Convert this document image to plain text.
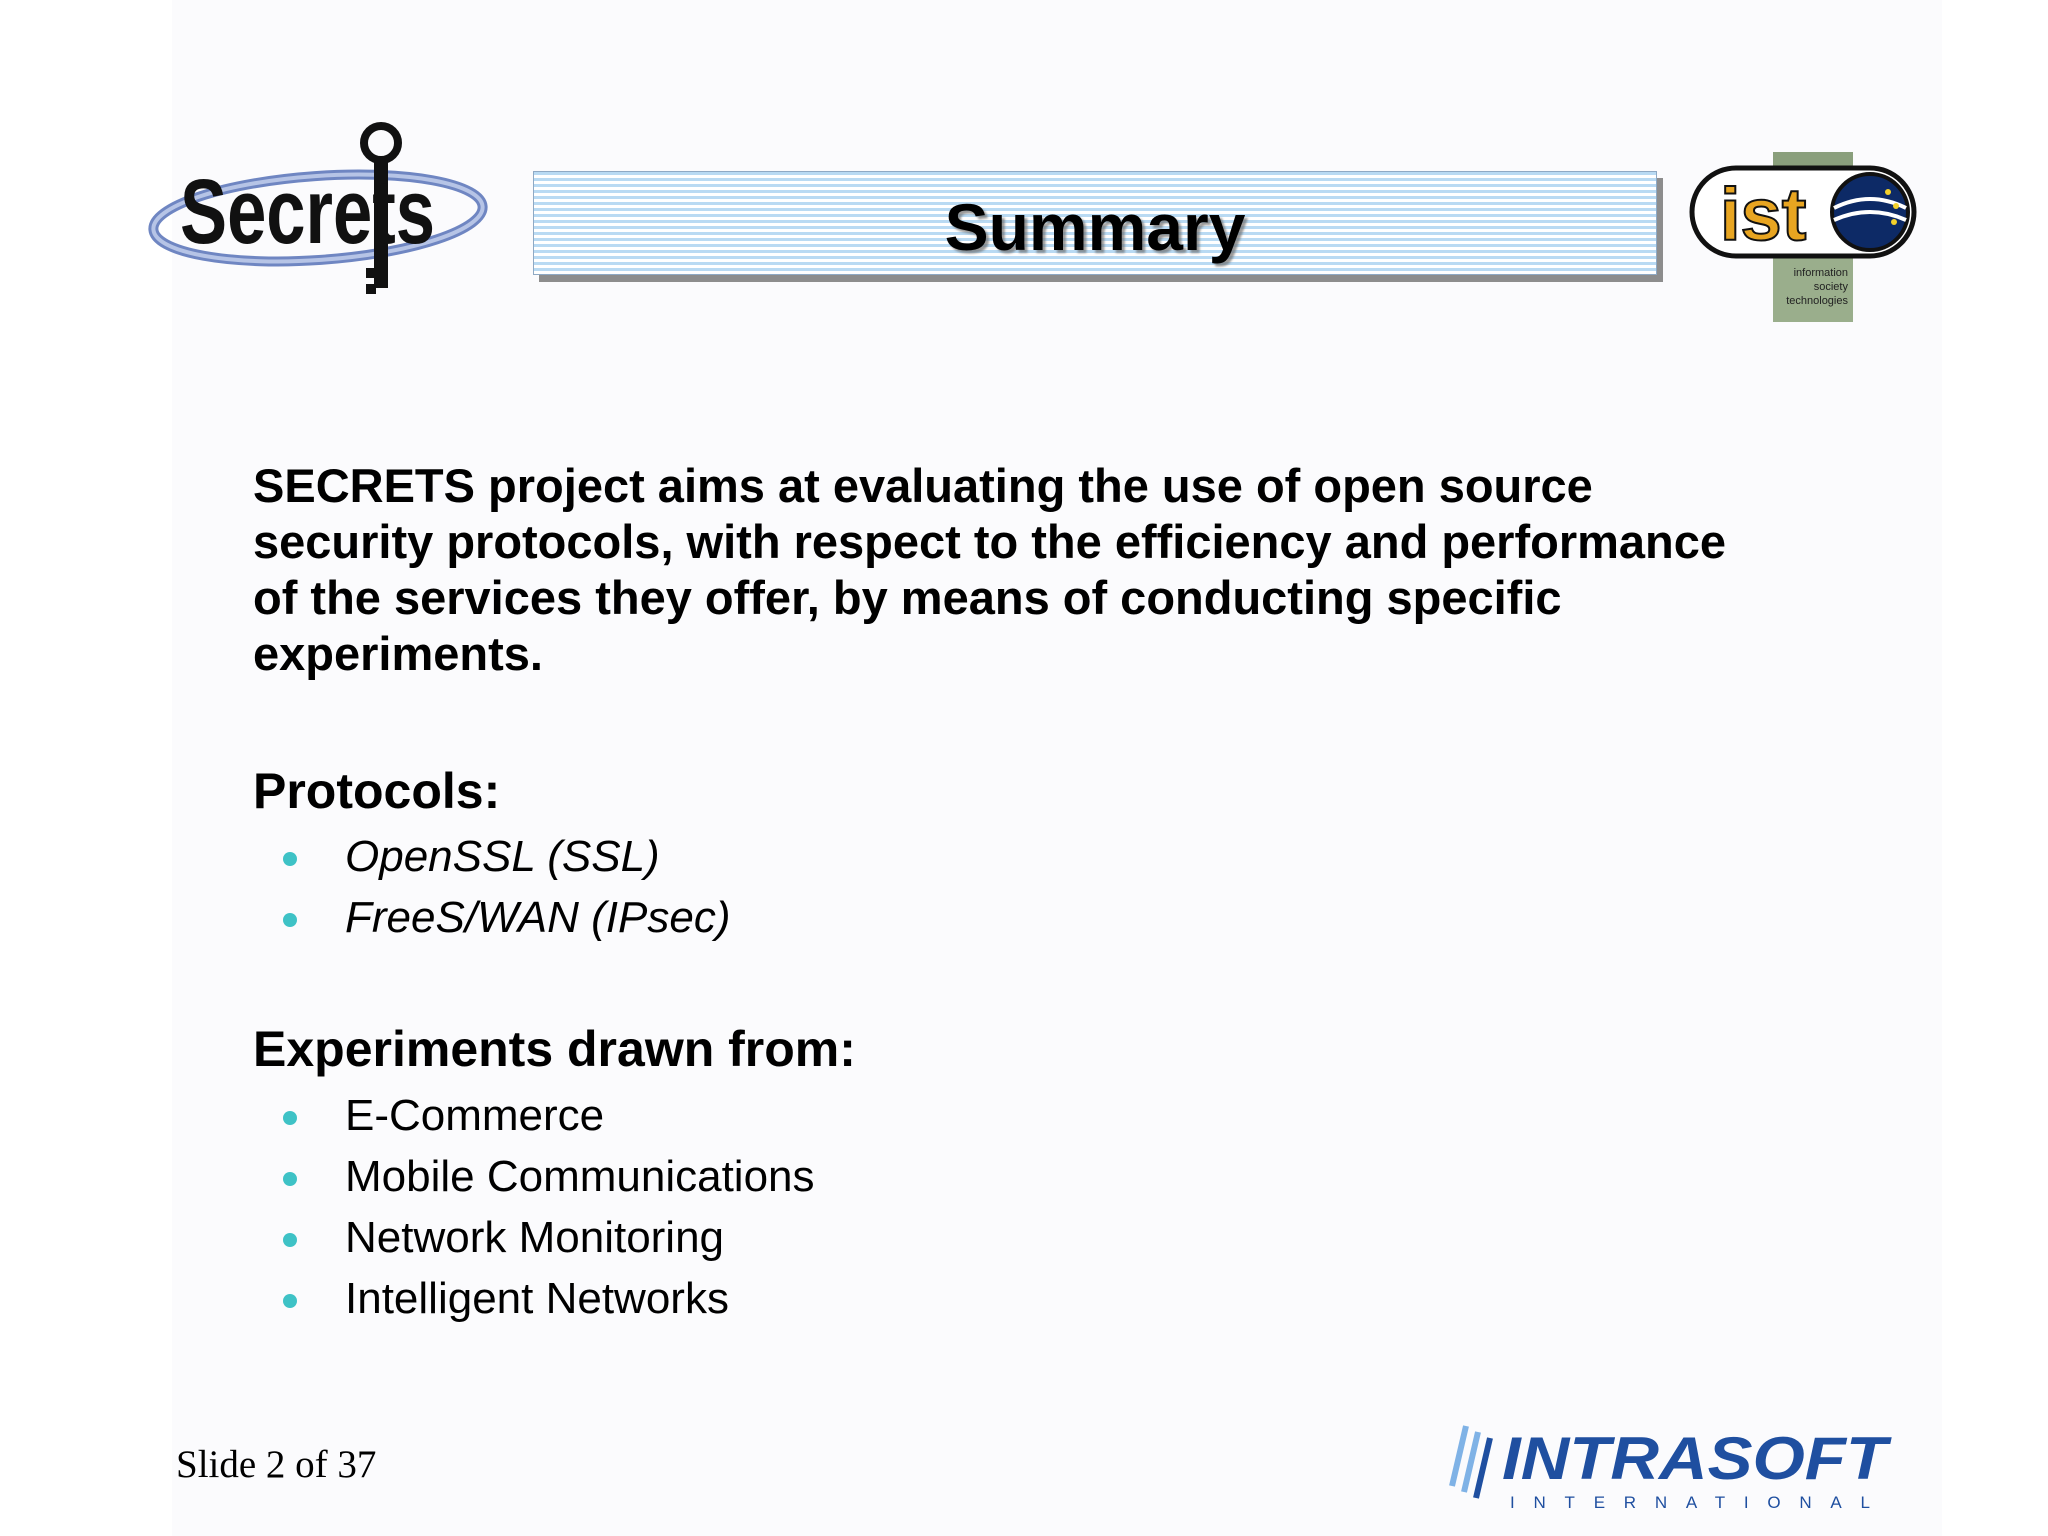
Secrets	Summary	ist
information
society
technologies
SECRETS project aims at evaluating the use of open source
security protocols, with respect to the efficiency and performance
of the services they offer, by means of conducting specific
experiments.
Protocols:
OpenSSL (SSL)
FreeS/WAN (IPsec)
Experiments drawn from:
E-Commerce
Mobile Communications
Network Monitoring
Intelligent Networks
Slide 2 of 37	INTRASOFT
INTERNATIONAL
